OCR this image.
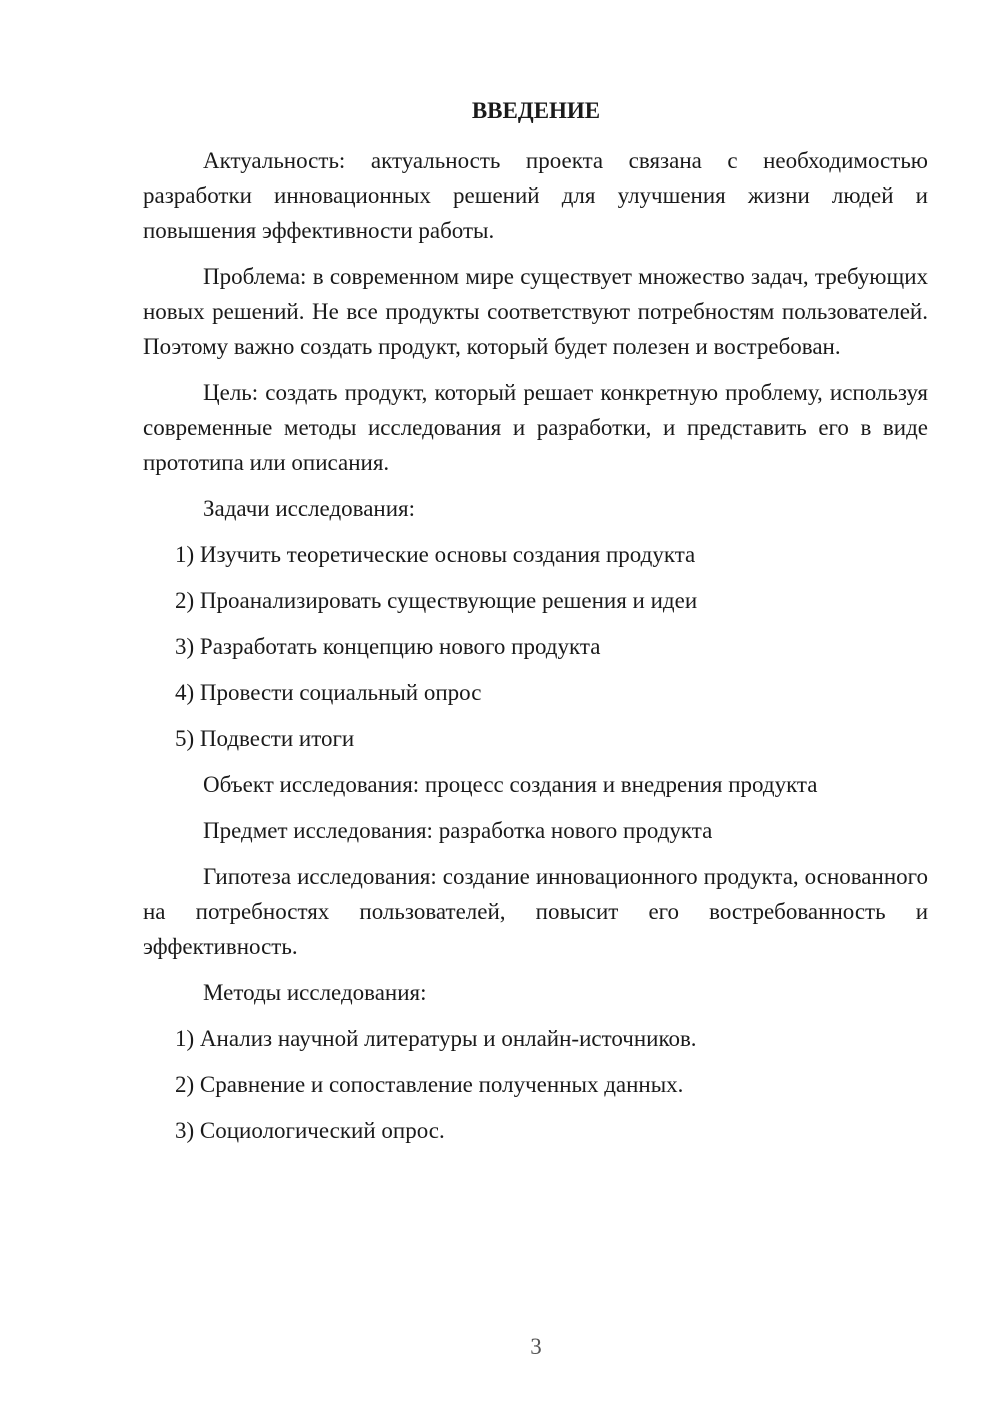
ВВЕДЕНИЕ

Актуальность: актуальность проекта связана с необходимостью разработки инновационных решений для улучшения жизни людей и повышения эффективности работы.

Проблема: в современном мире существует множество задач, требующих новых решений. Не все продукты соответствуют потребностям пользователей. Поэтому важно создать продукт, который будет полезен и востребован.

Цель: создать продукт, который решает конкретную проблему, используя современные методы исследования и разработки, и представить его в виде прототипа или описания.

Задачи исследования:
1) Изучить теоретические основы создания продукта
2) Проанализировать существующие решения и идеи
3) Разработать концепцию нового продукта
4) Провести социальный опрос
5) Подвести итоги
Объект исследования: процесс создания и внедрения продукта
Предмет исследования: разработка нового продукта

Гипотеза исследования: создание инновационного продукта, основанного на потребностях пользователей, повысит его востребованность и эффективность.

Методы исследования:
1) Анализ научной литературы и онлайн-источников.
2) Сравнение и сопоставление полученных данных.
3) Социологический опрос.
3
